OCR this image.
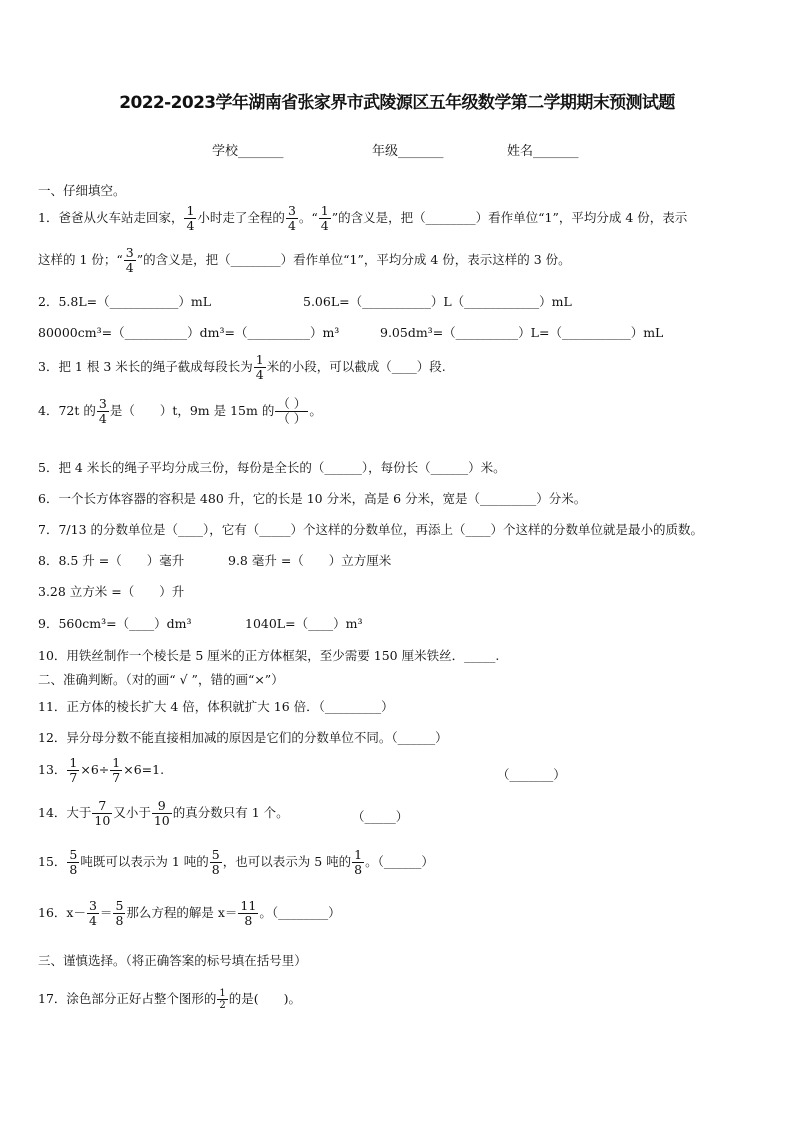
2022-2023学年湖南省张家界市武陵源区五年级数学第二学期期末预测试题
学校_______	年级_______	姓名_______
一、仔细填空。
1．爸爸从火车站走回家， $\frac{1}{4}$ 小时走了全程的 $\frac{3}{4}$ 。“ $\frac{1}{4}$ ”的含义是，把（________）看作单位“1”，平均分成 4 份，表示
这样的 1 份；“ $\frac{3}{4}$ ”的含义是，把（________）看作单位“1”，平均分成 4 份，表示这样的 3 份。
2．5.8L=（___________）mL	5.06L=（___________）L（____________）mL
80000cm³=（__________）dm³=（__________）m³	9.05dm³=（__________）L=（___________）mL
3．把 1 根 3 米长的绳子截成每段长为 $\frac{1}{4}$ 米的小段，可以截成（____）段.
4．72t 的 $\frac{3}{4}$ 是（　　）t，9m 是 15m 的 $\frac{( )}{( )}$ 。
5．把 4 米长的绳子平均分成三份，每份是全长的（______），每份长（______）米。
6．一个长方体容器的容积是 480 升，它的长是 10 分米，高是 6 分米，宽是（_________）分米。
7．7/13 的分数单位是（____），它有（_____）个这样的分数单位，再添上（____）个这样的分数单位就是最小的质数。
8．8.5 升 =（　　）毫升	9.8 毫升 =（　　）立方厘米
3.28 立方米 =（　　）升
9．560cm³=（____）dm³	1040L=（____）m³
10．用铁丝制作一个棱长是 5 厘米的正方体框架，至少需要 150 厘米铁丝．_____.
二、准确判断。（对的画“ √ ”，错的画“×”）
11．正方体的棱长扩大 4 倍，体积就扩大 16 倍．（_________）
12．异分母分数不能直接相加减的原因是它们的分数单位不同。（______）
13． $\frac{1}{7} \times 6\div \frac{1}{7} \times 6=1$.	（_______）
14．大于 $\frac{7}{10}$ 又小于 $\frac{9}{10}$ 的真分数只有 1 个。	（_____）
15． $\frac{5}{8}$ 吨既可以表示为 1 吨的 $\frac{5}{8}$ ，也可以表示为 5 吨的 $\frac{1}{8}$ 。（______）
16．$x- \frac{3}{4} = \frac{5}{8}$ 那么方程的解是 $x= \frac{11}{8}$ 。（________）
三、谨慎选择。（将正确答案的标号填在括号里）
17．涂色部分正好占整个图形的 $\frac{1}{2}$ 的是(　　)。
